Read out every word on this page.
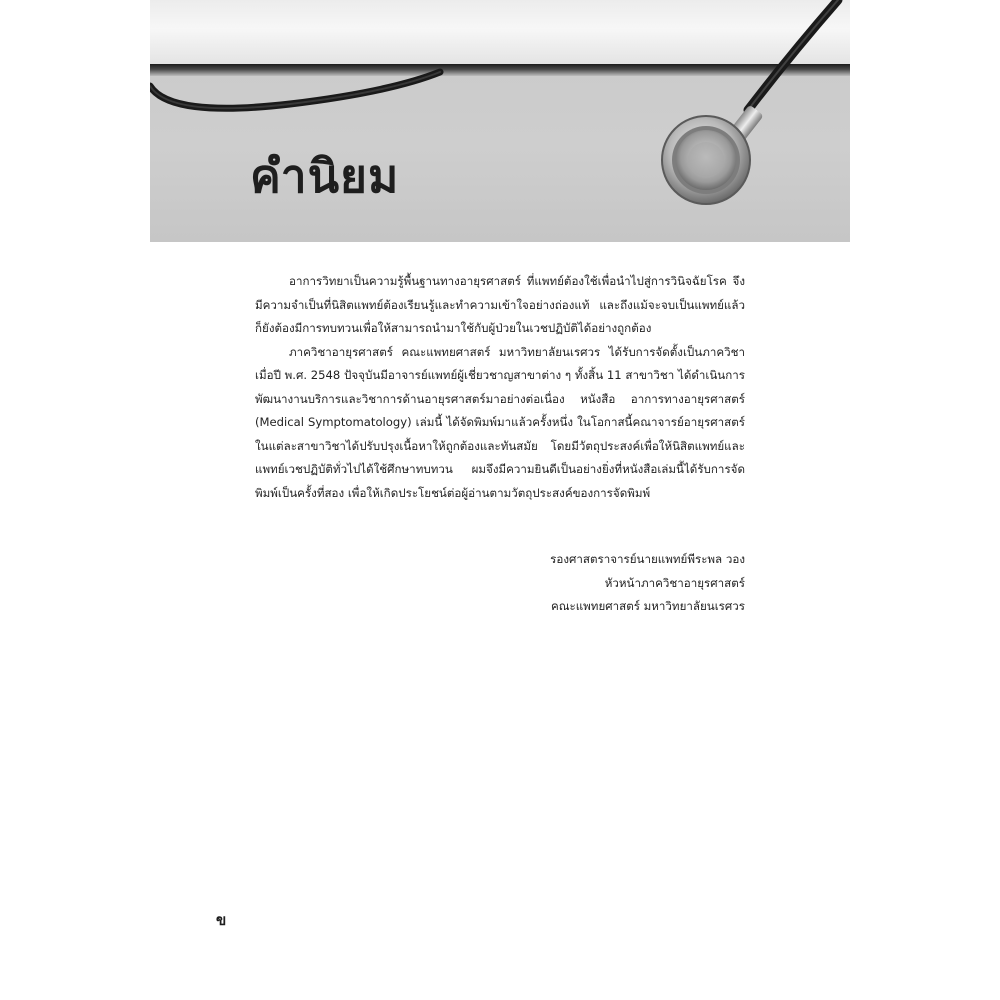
คำนิยม

อาการวิทยาเป็นความรู้พื้นฐานทางอายุรศาสตร์ ที่แพทย์ต้องใช้เพื่อนำไปสู่การวินิจฉัยโรค จึงมีความจำเป็นที่นิสิตแพทย์ต้องเรียนรู้และทำความเข้าใจอย่างถ่องแท้ และถึงแม้จะจบเป็นแพทย์แล้วก็ยังต้องมีการทบทวนเพื่อให้สามารถนำมาใช้กับผู้ป่วยในเวชปฏิบัติได้อย่างถูกต้อง

ภาควิชาอายุรศาสตร์ คณะแพทยศาสตร์ มหาวิทยาลัยนเรศวร ได้รับการจัดตั้งเป็นภาควิชาเมื่อปี พ.ศ. 2548 ปัจจุบันมีอาจารย์แพทย์ผู้เชี่ยวชาญสาขาต่าง ๆ ทั้งสิ้น 11 สาขาวิชา ได้ดำเนินการพัฒนางานบริการและวิชาการด้านอายุรศาสตร์มาอย่างต่อเนื่อง หนังสือ อาการทางอายุรศาสตร์ (Medical Symptomatology) เล่มนี้ ได้จัดพิมพ์มาแล้วครั้งหนึ่ง ในโอกาสนี้คณาจารย์อายุรศาสตร์ในแต่ละสาขาวิชาได้ปรับปรุงเนื้อหาให้ถูกต้องและทันสมัย โดยมีวัตถุประสงค์เพื่อให้นิสิตแพทย์และแพทย์เวชปฏิบัติทั่วไปได้ใช้ศึกษาทบทวน ผมจึงมีความยินดีเป็นอย่างยิ่งที่หนังสือเล่มนี้ได้รับการจัดพิมพ์เป็นครั้งที่สอง เพื่อให้เกิดประโยชน์ต่อผู้อ่านตามวัตถุประสงค์ของการจัดพิมพ์

รองศาสตราจารย์นายแพทย์พีระพล วอง
หัวหน้าภาควิชาอายุรศาสตร์
คณะแพทยศาสตร์ มหาวิทยาลัยนเรศวร
ข
